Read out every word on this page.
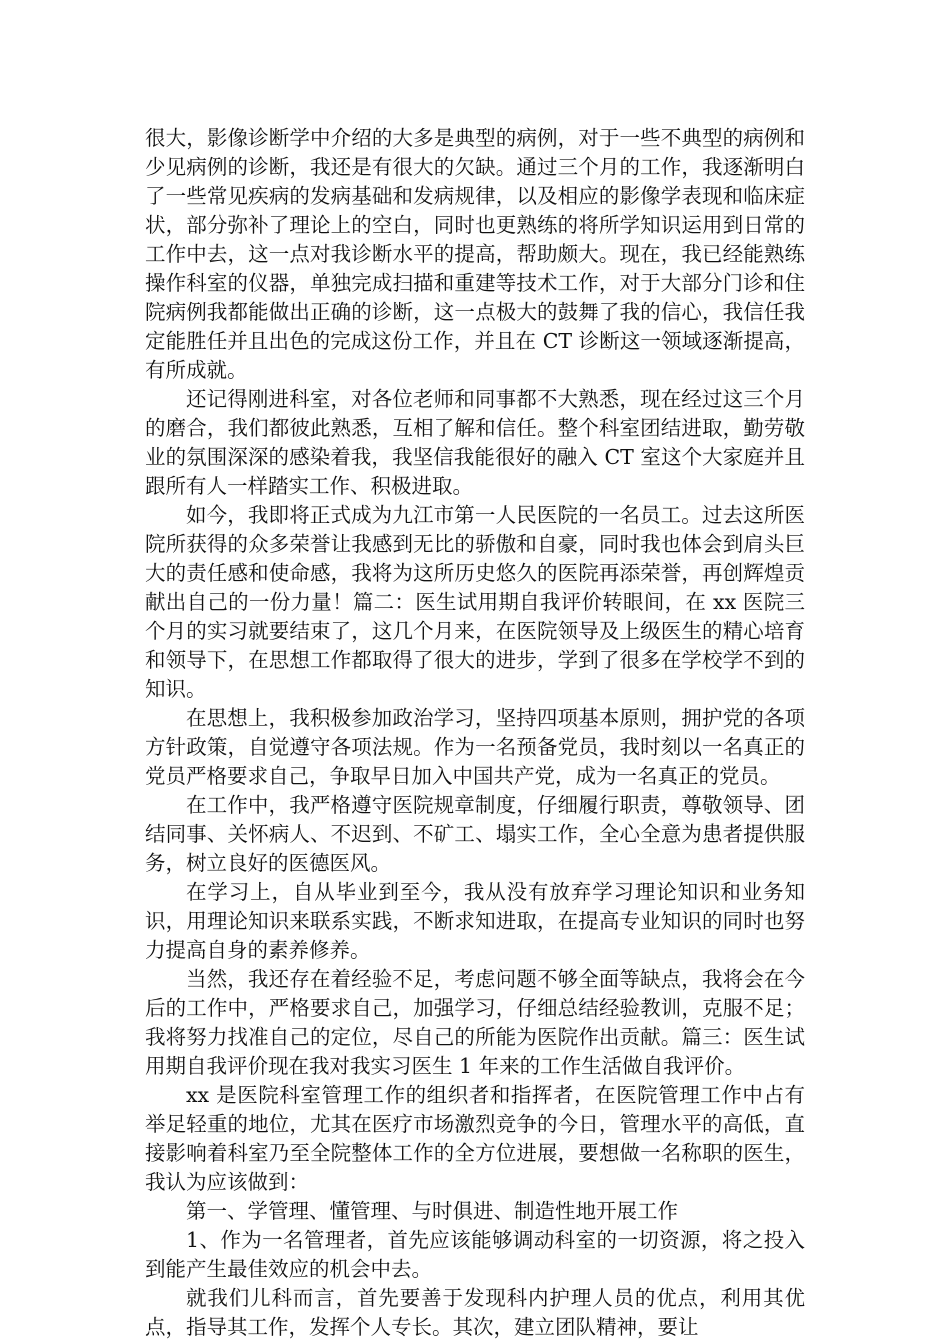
很大，影像诊断学中介绍的大多是典型的病例，对于一些不典型的病例和少见病例的诊断，我还是有很大的欠缺。通过三个月的工作，我逐渐明白了一些常见疾病的发病基础和发病规律，以及相应的影像学表现和临床症状，部分弥补了理论上的空白，同时也更熟练的将所学知识运用到日常的工作中去，这一点对我诊断水平的提高，帮助颇大。现在，我已经能熟练操作科室的仪器，单独完成扫描和重建等技术工作，对于大部分门诊和住院病例我都能做出正确的诊断，这一点极大的鼓舞了我的信心，我信任我定能胜任并且出色的完成这份工作，并且在 CT 诊断这一领域逐渐提高，有所成就。

还记得刚进科室，对各位老师和同事都不大熟悉，现在经过这三个月的磨合，我们都彼此熟悉，互相了解和信任。整个科室团结进取，勤劳敬业的氛围深深的感染着我，我坚信我能很好的融入 CT 室这个大家庭并且跟所有人一样踏实工作、积极进取。

如今，我即将正式成为九江市第一人民医院的一名员工。过去这所医院所获得的众多荣誉让我感到无比的骄傲和自豪，同时我也体会到肩头巨大的责任感和使命感，我将为这所历史悠久的医院再添荣誉，再创辉煌贡献出自己的一份力量！篇二：医生试用期自我评价转眼间，在 xx 医院三个月的实习就要结束了，这几个月来，在医院领导及上级医生的精心培育和领导下，在思想工作都取得了很大的进步，学到了很多在学校学不到的知识。

在思想上，我积极参加政治学习，坚持四项基本原则，拥护党的各项方针政策，自觉遵守各项法规。作为一名预备党员，我时刻以一名真正的党员严格要求自己，争取早日加入中国共产党，成为一名真正的党员。

在工作中，我严格遵守医院规章制度，仔细履行职责，尊敬领导、团结同事、关怀病人、不迟到、不矿工、塌实工作，全心全意为患者提供服务，树立良好的医德医风。

在学习上，自从毕业到至今，我从没有放弃学习理论知识和业务知识，用理论知识来联系实践，不断求知进取，在提高专业知识的同时也努力提高自身的素养修养。

当然，我还存在着经验不足，考虑问题不够全面等缺点，我将会在今后的工作中，严格要求自己，加强学习，仔细总结经验教训，克服不足；我将努力找准自己的定位，尽自己的所能为医院作出贡献。篇三：医生试用期自我评价现在我对我实习医生 1 年来的工作生活做自我评价。

xx 是医院科室管理工作的组织者和指挥者，在医院管理工作中占有举足轻重的地位，尤其在医疗市场激烈竞争的今日，管理水平的高低，直接影响着科室乃至全院整体工作的全方位进展，要想做一名称职的医生，我认为应该做到：

第一、学管理、懂管理、与时俱进、制造性地开展工作

1、作为一名管理者，首先应该能够调动科室的一切资源，将之投入到能产生最佳效应的机会中去。

就我们儿科而言，首先要善于发现科内护理人员的优点，利用其优点，指导其工作，发挥个人专长。其次，建立团队精神，要让
